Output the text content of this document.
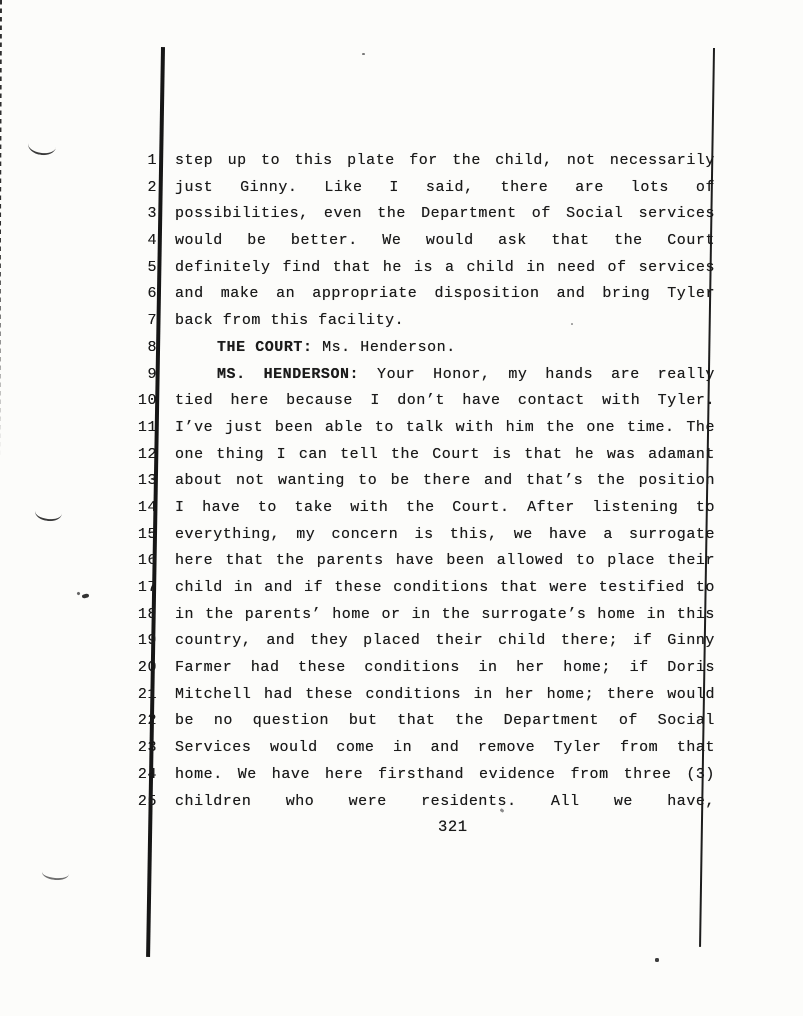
1 step up to this plate for the child, not necessarily
2 just Ginny. Like I said, there are lots of
3 possibilities, even the Department of Social services
4 would be better. We would ask that the Court
5 definitely find that he is a child in need of services
6 and make an appropriate disposition and bring Tyler
7 back from this facility.
8	THE COURT: Ms. Henderson.
9	MS. HENDERSON: Your Honor, my hands are really
10 tied here because I don’t have contact with Tyler.
11 I’ve just been able to talk with him the one time. The
12 one thing I can tell the Court is that he was adamant
13 about not wanting to be there and that’s the position
14 I have to take with the Court. After listening to
15 everything, my concern is this, we have a surrogate
16 here that the parents have been allowed to place their
17 child in and if these conditions that were testified to
18 in the parents’ home or in the surrogate’s home in this
19 country, and they placed their child there; if Ginny
20 Farmer had these conditions in her home; if Doris
21 Mitchell had these conditions in her home; there would
22 be no question but that the Department of Social
23 Services would come in and remove Tyler from that
24 home. We have here firsthand evidence from three (3)
25 children who were residents. All we have,
321
